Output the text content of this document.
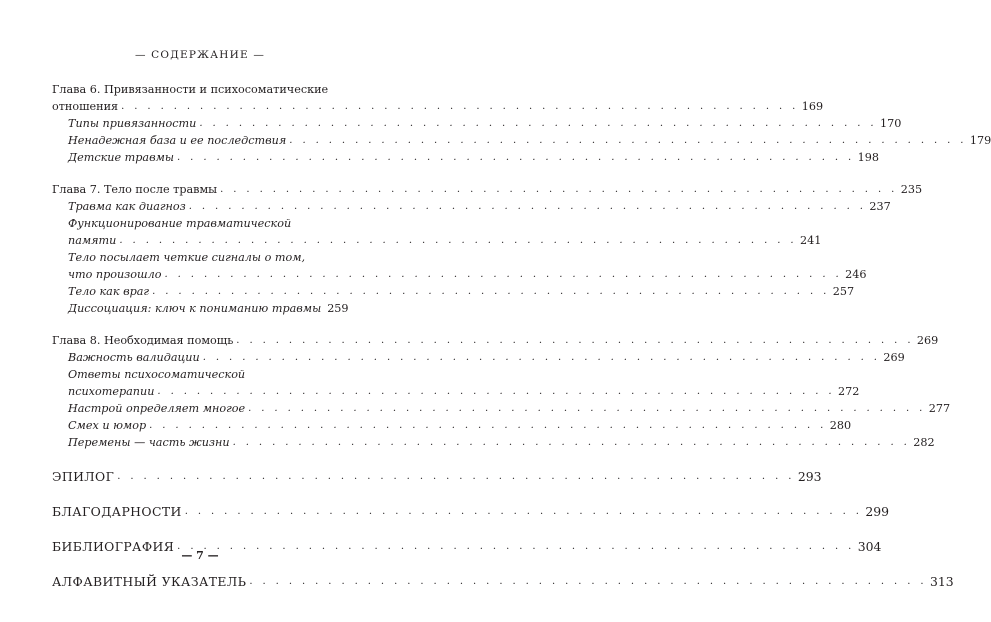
— СОДЕРЖАНИЕ —
Глава 6. Привязанности и психосоматические
отношения . . . . . . . . . . . . . . . . . . . . . . . . . . . . . . . . . . . . . . . . . . . . . . . . . . . . 169
Типы привязанности . . . . . . . . . . . . . . . . . . . . . . . . . . . . . . . . . . . . . . . . . . . . . . . . . . . . 170
Ненадежная база и ее последствия . . . . . . . . . . . . . . . . . . . . . . . . . . . . . . . . . . . . . . . . . . . . . . . . . . . . 179
Детские травмы . . . . . . . . . . . . . . . . . . . . . . . . . . . . . . . . . . . . . . . . . . . . . . . . . . . . 198
Глава 7. Тело после травмы . . . . . . . . . . . . . . . . . . . . . . . . . . . . . . . . . . . . . . . . . . . . . . . . . . . . 235
Травма как диагноз . . . . . . . . . . . . . . . . . . . . . . . . . . . . . . . . . . . . . . . . . . . . . . . . . . . . 237
Функционирование травматической
памяти . . . . . . . . . . . . . . . . . . . . . . . . . . . . . . . . . . . . . . . . . . . . . . . . . . . . 241
Тело посылает четкие сигналы о том,
что произошло . . . . . . . . . . . . . . . . . . . . . . . . . . . . . . . . . . . . . . . . . . . . . . . . . . . . 246
Тело как враг . . . . . . . . . . . . . . . . . . . . . . . . . . . . . . . . . . . . . . . . . . . . . . . . . . . . 257
Диссоциация: ключ к пониманию травмы 259
Глава 8. Необходимая помощь . . . . . . . . . . . . . . . . . . . . . . . . . . . . . . . . . . . . . . . . . . . . . . . . . . . . 269
Важность валидации . . . . . . . . . . . . . . . . . . . . . . . . . . . . . . . . . . . . . . . . . . . . . . . . . . . . 269
Ответы психосоматической
психотерапии . . . . . . . . . . . . . . . . . . . . . . . . . . . . . . . . . . . . . . . . . . . . . . . . . . . . 272
Настрой определяет многое . . . . . . . . . . . . . . . . . . . . . . . . . . . . . . . . . . . . . . . . . . . . . . . . . . . . 277
Смех и юмор . . . . . . . . . . . . . . . . . . . . . . . . . . . . . . . . . . . . . . . . . . . . . . . . . . . . 280
Перемены — часть жизни . . . . . . . . . . . . . . . . . . . . . . . . . . . . . . . . . . . . . . . . . . . . . . . . . . . . 282
ЭПИЛОГ . . . . . . . . . . . . . . . . . . . . . . . . . . . . . . . . . . . . . . . . . . . . . . . . . . . . 293
БЛАГОДАРНОСТИ . . . . . . . . . . . . . . . . . . . . . . . . . . . . . . . . . . . . . . . . . . . . . . . . . . . . 299
БИБЛИОГРАФИЯ . . . . . . . . . . . . . . . . . . . . . . . . . . . . . . . . . . . . . . . . . . . . . . . . . . . . 304
АЛФАВИТНЫЙ УКАЗАТЕЛЬ . . . . . . . . . . . . . . . . . . . . . . . . . . . . . . . . . . . . . . . . . . . . . . . . . . . . 313
— 7 —
